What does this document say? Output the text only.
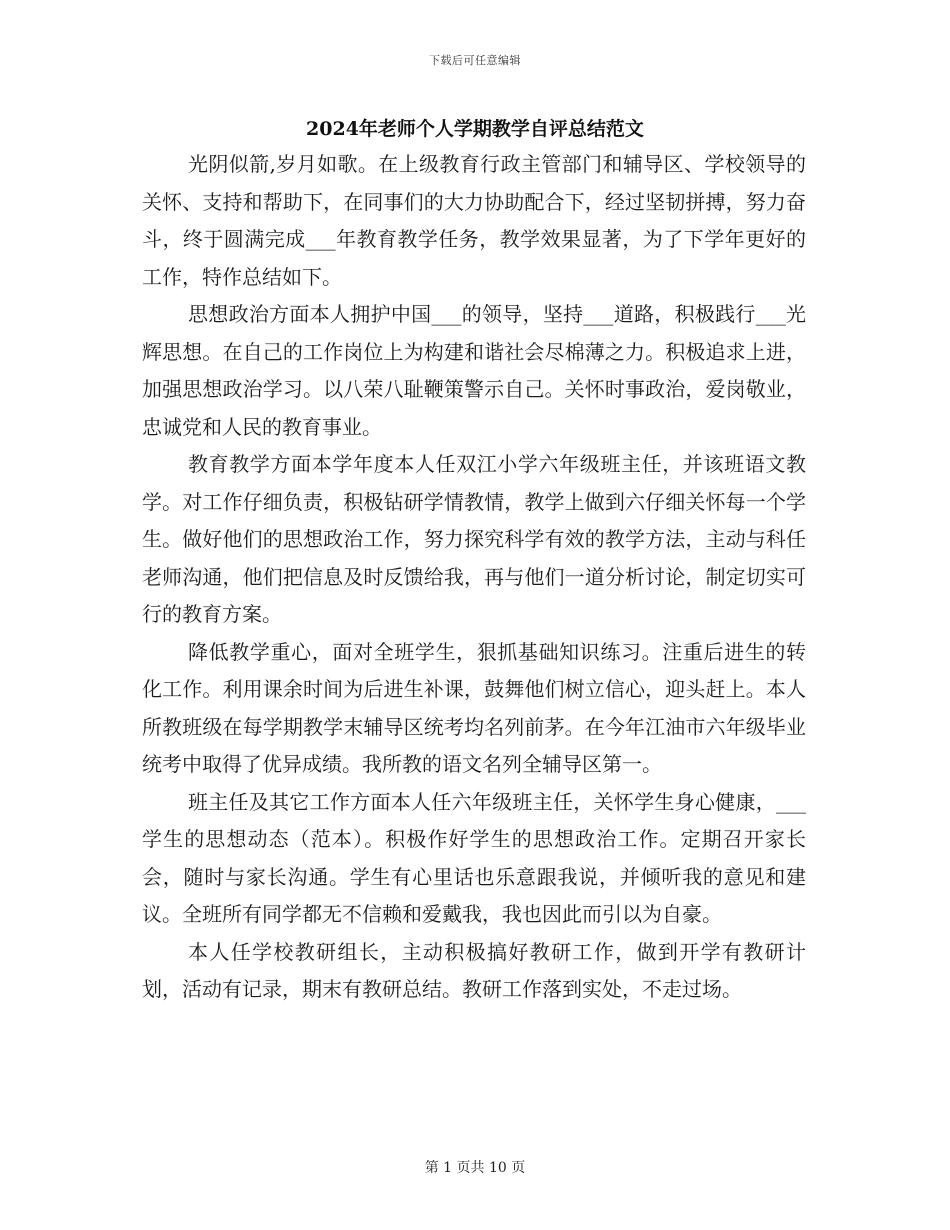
下载后可任意编辑
2024年老师个人学期教学自评总结范文

光阴似箭,岁月如歌。在上级教育行政主管部门和辅导区、学校领导的关怀、支持和帮助下，在同事们的大力协助配合下，经过坚韧拼搏，努力奋斗，终于圆满完成___年教育教学任务，教学效果显著，为了下学年更好的工作，特作总结如下。

思想政治方面本人拥护中国___的领导，坚持___道路，积极践行___光辉思想。在自己的工作岗位上为构建和谐社会尽棉薄之力。积极追求上进，加强思想政治学习。以八荣八耻鞭策警示自己。关怀时事政治，爱岗敬业，忠诚党和人民的教育事业。

教育教学方面本学年度本人任双江小学六年级班主任，并该班语文教学。对工作仔细负责，积极钻研学情教情，教学上做到六仔细关怀每一个学生。做好他们的思想政治工作，努力探究科学有效的教学方法，主动与科任老师沟通，他们把信息及时反馈给我，再与他们一道分析讨论，制定切实可行的教育方案。

降低教学重心，面对全班学生，狠抓基础知识练习。注重后进生的转化工作。利用课余时间为后进生补课，鼓舞他们树立信心，迎头赶上。本人所教班级在每学期教学末辅导区统考均名列前茅。在今年江油市六年级毕业统考中取得了优异成绩。我所教的语文名列全辅导区第一。

班主任及其它工作方面本人任六年级班主任，关怀学生身心健康，___学生的思想动态（范本）。积极作好学生的思想政治工作。定期召开家长会，随时与家长沟通。学生有心里话也乐意跟我说，并倾听我的意见和建议。全班所有同学都无不信赖和爱戴我，我也因此而引以为自豪。

本人任学校教研组长，主动积极搞好教研工作，做到开学有教研计划，活动有记录，期末有教研总结。教研工作落到实处，不走过场。

第 1 页共 10 页
